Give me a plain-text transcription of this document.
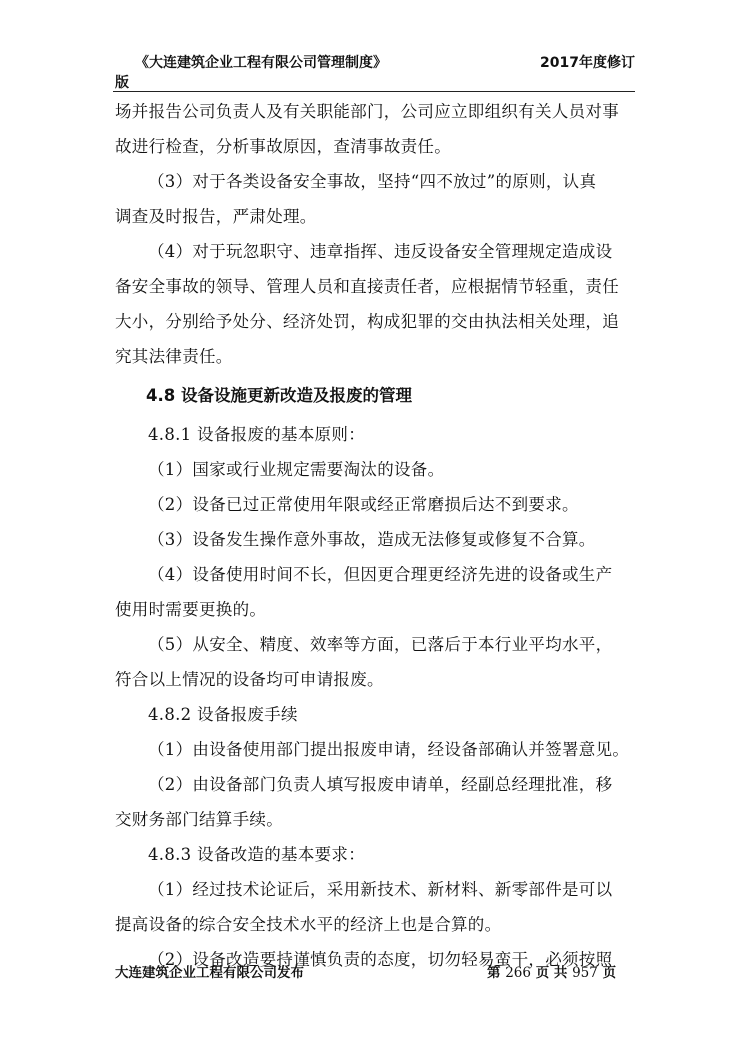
《大连建筑企业工程有限公司管理制度》	2017年度修订
版
场并报告公司负责人及有关职能部门，公司应立即组织有关人员对事
故进行检查，分析事故原因，查清事故责任。
（3）对于各类设备安全事故，坚持“四不放过”的原则，认真
调查及时报告，严肃处理。
（4）对于玩忽职守、违章指挥、违反设备安全管理规定造成设
备安全事故的领导、管理人员和直接责任者，应根据情节轻重，责任
大小，分别给予处分、经济处罚，构成犯罪的交由执法相关处理，追
究其法律责任。
4.8 设备设施更新改造及报废的管理
4.8.1 设备报废的基本原则：
（1）国家或行业规定需要淘汰的设备。
（2）设备已过正常使用年限或经正常磨损后达不到要求。
（3）设备发生操作意外事故，造成无法修复或修复不合算。
（4）设备使用时间不长，但因更合理更经济先进的设备或生产
使用时需要更换的。
（5）从安全、精度、效率等方面，已落后于本行业平均水平，
符合以上情况的设备均可申请报废。
4.8.2 设备报废手续
（1）由设备使用部门提出报废申请，经设备部确认并签署意见。
（2）由设备部门负责人填写报废申请单，经副总经理批准，移
交财务部门结算手续。
4.8.3 设备改造的基本要求：
（1）经过技术论证后，采用新技术、新材料、新零部件是可以
提高设备的综合安全技术水平的经济上也是合算的。
（2）设备改造要持谨慎负责的态度，切勿轻易蛮干，必须按照
大连建筑企业工程有限公司发布	第 266 页 共 957 页
